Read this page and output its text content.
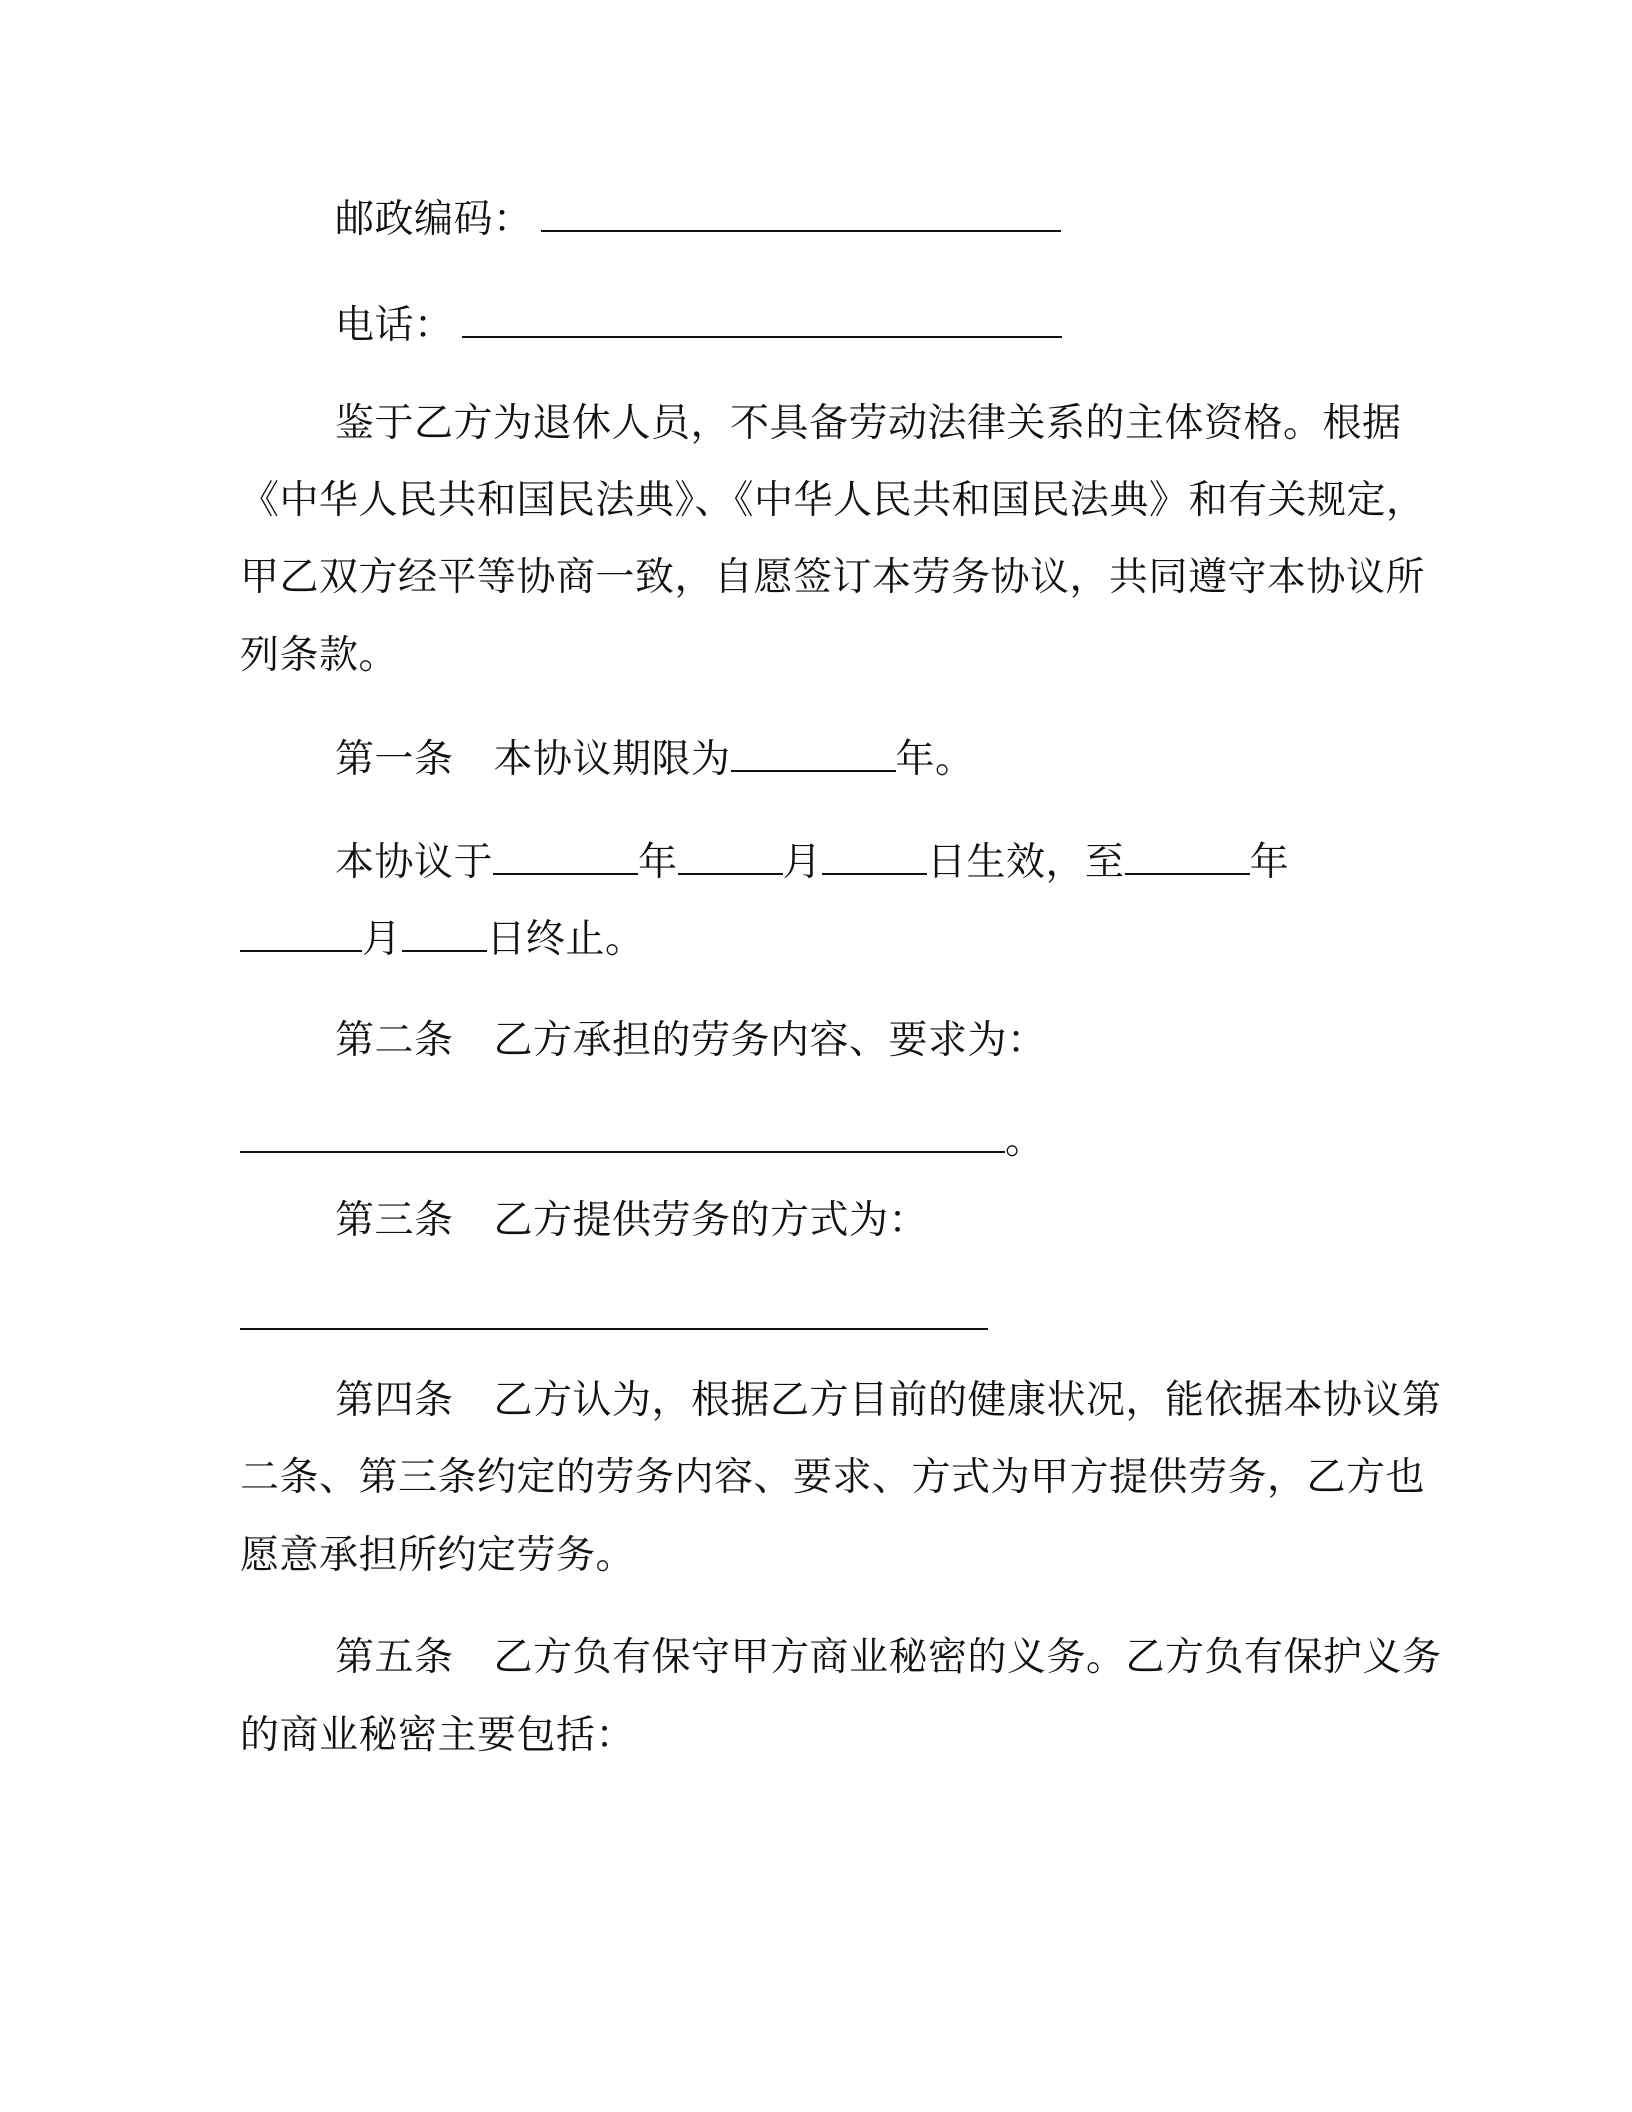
邮政编码：
电话：
鉴于乙方为退休人员，不具备劳动法律关系的主体资格。根据
《中华人民共和国民法典》、《中华人民共和国民法典》和有关规定，
甲乙双方经平等协商一致，自愿签订本劳务协议，共同遵守本协议所
列条款。
第一条 本协议期限为	年。
本协议于	年	月	日生效，至	年
月 日终止。
第二条 乙方承担的劳务内容、要求为：
。
第三条 乙方提供劳务的方式为：
第四条 乙方认为，根据乙方目前的健康状况，能依据本协议第
二条、第三条约定的劳务内容、要求、方式为甲方提供劳务，乙方也
愿意承担所约定劳务。
第五条 乙方负有保守甲方商业秘密的义务。乙方负有保护义务
的商业秘密主要包括：
